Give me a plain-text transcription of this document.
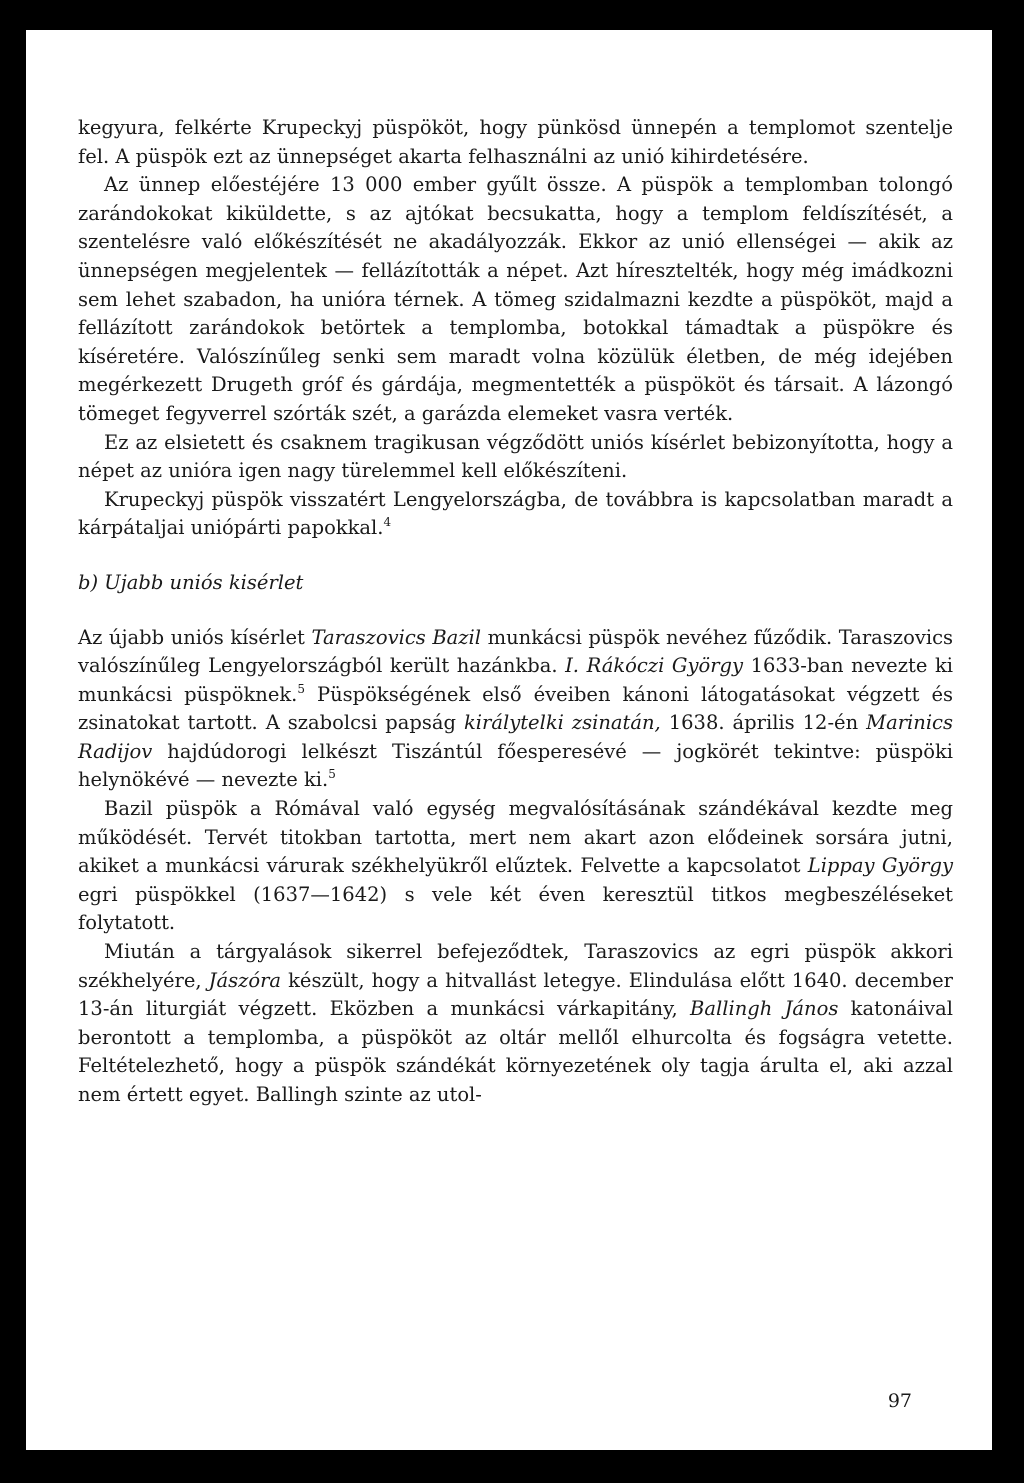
kegyura, felkérte Krupeckyj püspököt, hogy pünkösd ünnepén a templomot szentelje fel. A püspök ezt az ünnepséget akarta felhasználni az unió kihirdetésére.

Az ünnep előestéjére 13 000 ember gyűlt össze. A püspök a templomban tolongó zarándokokat kiküldette, s az ajtókat becsukatta, hogy a templom feldíszítését, a szentelésre való előkészítését ne akadályozzák. Ekkor az unió ellenségei — akik az ünnepségen megjelentek — fellázították a népet. Azt híresztelték, hogy még imádkozni sem lehet szabadon, ha unióra térnek. A tömeg szidalmazni kezdte a püspököt, majd a fellázított zarándokok betörtek a templomba, botokkal támadtak a püspökre és kíséretére. Valószínűleg senki sem maradt volna közülük életben, de még idejében megérkezett Drugeth gróf és gárdája, megmentették a püspököt és társait. A lázongó tömeget fegyverrel szórták szét, a garázda elemeket vasra verték.

Ez az elsietett és csaknem tragikusan végződött uniós kísérlet bebizonyította, hogy a népet az unióra igen nagy türelemmel kell előkészíteni.

Krupeckyj püspök visszatért Lengyelországba, de továbbra is kapcsolatban maradt a kárpátaljai uniópárti papokkal.$^4$

b) Ujabb uniós kisérlet

Az újabb uniós kísérlet Taraszovics Bazil munkácsi püspök nevéhez fűződik. Taraszovics valószínűleg Lengyelországból került hazánkba. I. Rákóczi György 1633-ban nevezte ki munkácsi püspöknek.$^5$ Püspökségének első éveiben kánoni látogatásokat végzett és zsinatokat tartott. A szabolcsi papság királytelki zsinatán, 1638. április 12-én Marinics Radijov hajdúdorogi lelkészt Tiszántúl főesperesévé — jogkörét tekintve: püspöki helynökévé — nevezte ki.$^5$

Bazil püspök a Rómával való egység megvalósításának szándékával kezdte meg működését. Tervét titokban tartotta, mert nem akart azon elődeinek sorsára jutni, akiket a munkácsi várurak székhelyükről elűztek. Felvette a kapcsolatot Lippay György egri püspökkel (1637—1642) s vele két éven keresztül titkos megbeszéléseket folytatott.

Miután a tárgyalások sikerrel befejeződtek, Taraszovics az egri püspök akkori székhelyére, Jászóra készült, hogy a hitvallást letegye. Elindulása előtt 1640. december 13-án liturgiát végzett. Eközben a munkácsi várkapitány, Ballingh János katonáival berontott a templomba, a püspököt az oltár mellől elhurcolta és fogságra vetette. Feltételezhető, hogy a püspök szándékát környezetének oly tagja árulta el, aki azzal nem értett egyet. Ballingh szinte az utol-

97
